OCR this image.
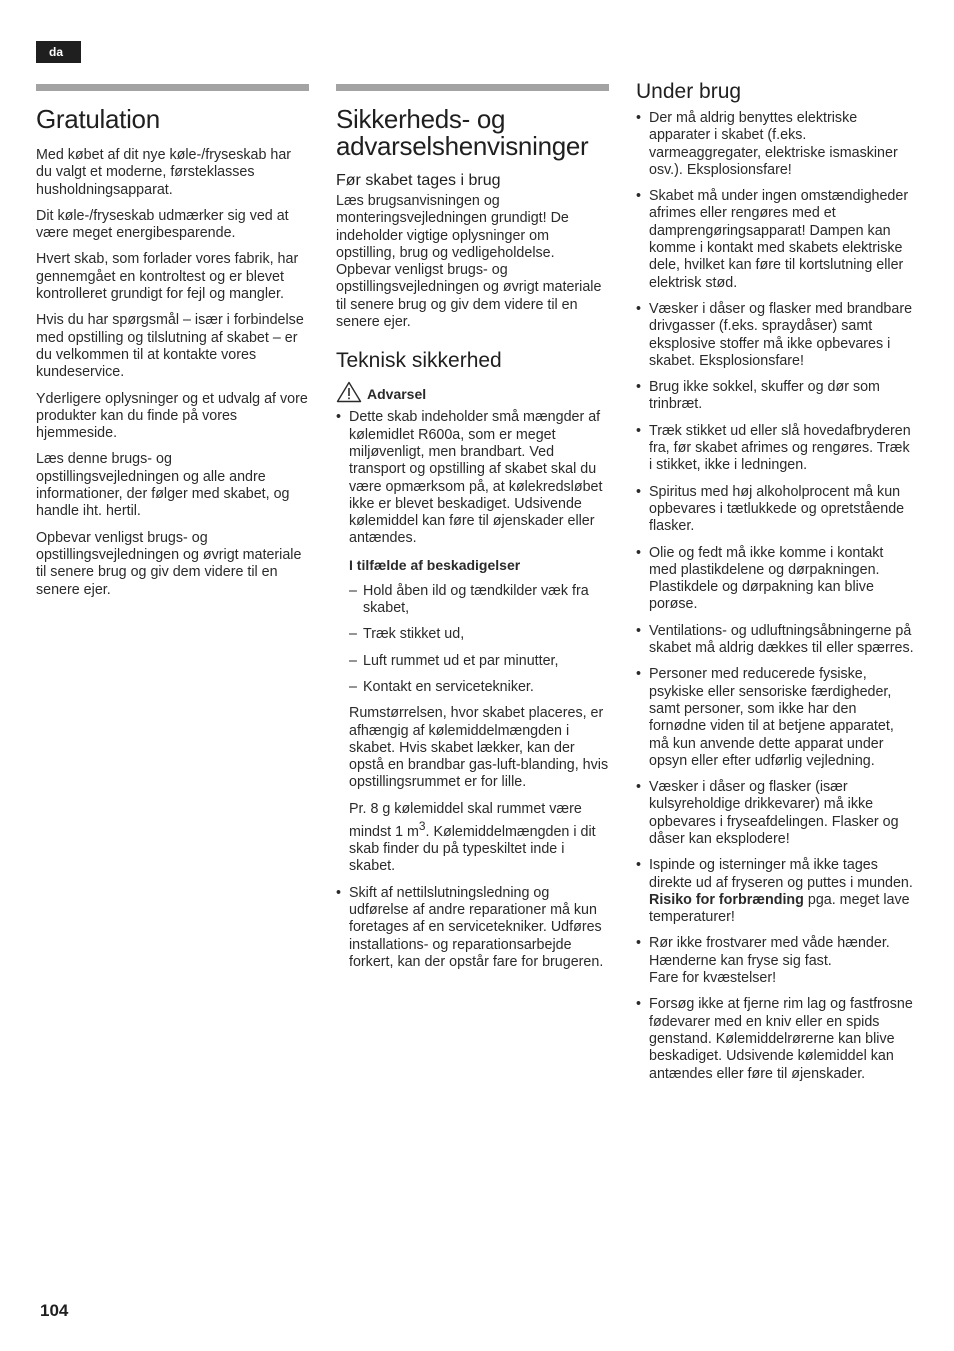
da
Gratulation

Med købet af dit nye køle-/fryseskab har du valgt et moderne, førsteklasses husholdningsapparat.

Dit køle-/fryseskab udmærker sig ved at være meget energibesparende.

Hvert skab, som forlader vores fabrik, har gennemgået en kontroltest og er blevet kontrolleret grundigt for fejl og mangler.

Hvis du har spørgsmål – især i forbindelse med opstilling og tilslutning af skabet – er du velkommen til at kontakte vores kundeservice.

Yderligere oplysninger og et udvalg af vore produkter kan du finde på vores hjemmeside.

Læs denne brugs- og opstillingsvejledningen og alle andre informationer, der følger med skabet, og handle iht. hertil.

Opbevar venligst brugs- og opstillingsvejledningen og øvrigt materiale til senere brug og giv dem videre til en senere ejer.

Sikkerheds- og advarselshenvisninger
Før skabet tages i brug

Læs brugsanvisningen og monteringsvejledningen grundigt! De indeholder vigtige oplysninger om opstilling, brug og vedligeholdelse.

Opbevar venligst brugs- og opstillingsvejledningen og øvrigt materiale til senere brug og giv dem videre til en senere ejer.

Teknisk sikkerhed
Advarsel
• Dette skab indeholder små mængder af kølemidlet R600a, som er meget miljøvenligt, men brandbart. Ved transport og opstilling af skabet skal du være opmærksom på, at kølekredsløbet ikke er blevet beskadiget. Udsivende kølemiddel kan føre til øjenskader eller antændes.
I tilfælde af beskadigelser
– Hold åben ild og tændkilder væk fra skabet,
– Træk stikket ud,
– Luft rummet ud et par minutter,
– Kontakt en servicetekniker.

Rumstørrelsen, hvor skabet placeres, er afhængig af kølemiddelmængden i skabet. Hvis skabet lækker, kan der opstå en brandbar gas-luft-blanding, hvis opstillingsrummet er for lille.

Pr. 8 g kølemiddel skal rummet være mindst 1 $m^3$. Kølemiddelmængden i dit skab finder du på typeskiltet inde i skabet.

• Skift af nettilslutningsledning og udførelse af andre reparationer må kun foretages af en servicetekniker. Udføres installations- og reparationsarbejde forkert, kan der opstår fare for brugeren.
Under brug
• Der må aldrig benyttes elektriske apparater i skabet (f.eks. varmeaggregater, elektriske ismaskiner osv.). Eksplosionsfare!
• Skabet må under ingen omstændigheder afrimes eller rengøres med et damprengøringsapparat! Dampen kan komme i kontakt med skabets elektriske dele, hvilket kan føre til kortslutning eller elektrisk stød.
• Væsker i dåser og flasker med brandbare drivgasser (f.eks. spraydåser) samt eksplosive stoffer må ikke opbevares i skabet. Eksplosionsfare!
• Brug ikke sokkel, skuffer og dør som trinbræt.
• Træk stikket ud eller slå hovedafbryderen fra, før skabet afrimes og rengøres. Træk i stikket, ikke i ledningen.
• Spiritus med høj alkoholprocent må kun opbevares i tætlukkede og opretstående flasker.
• Olie og fedt må ikke komme i kontakt med plastikdelene og dørpakningen. Plastikdele og dørpakning kan blive porøse.
• Ventilations- og udluftningsåbningerne på skabet må aldrig dækkes til eller spærres.
• Personer med reducerede fysiske, psykiske eller sensoriske færdigheder, samt personer, som ikke har den fornødne viden til at betjene apparatet, må kun anvende dette apparat under opsyn eller efter udførlig vejledning.
• Væsker i dåser og flasker (især kulsyreholdige drikkevarer) må ikke opbevares i fryseafdelingen. Flasker og dåser kan eksplodere!
• Ispinde og isterninger må ikke tages direkte ud af fryseren og puttes i munden. Risiko for forbrænding pga. meget lave temperaturer!
• Rør ikke frostvarer med våde hænder. Hænderne kan fryse sig fast.
Fare for kvæstelser!
• Forsøg ikke at fjerne rim lag og fastfrosne fødevarer med en kniv eller en spids genstand. Kølemiddelrørerne kan blive beskadiget. Udsivende kølemiddel kan antændes eller føre til øjenskader.
104
